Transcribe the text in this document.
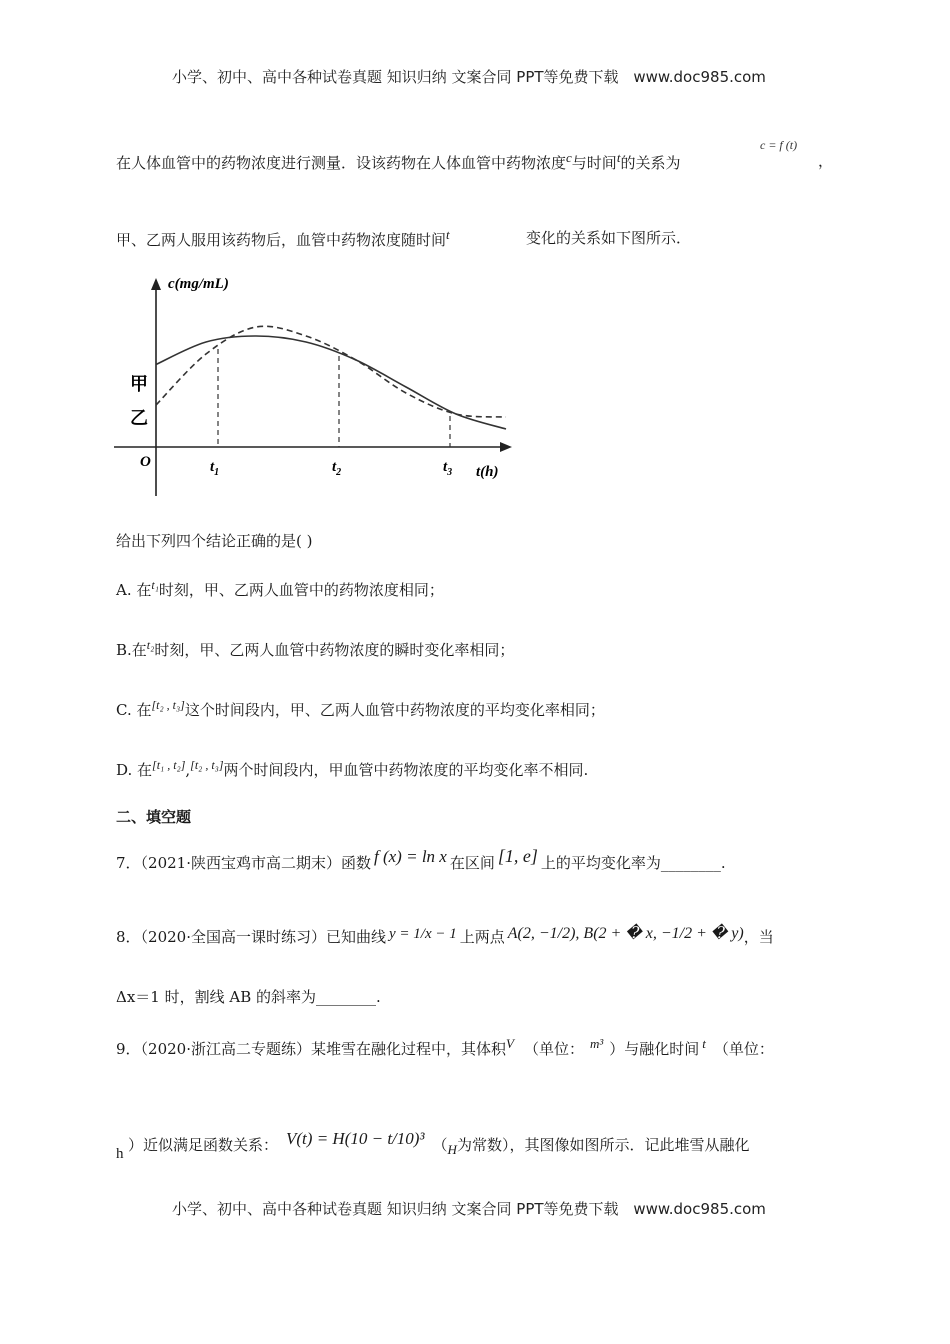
小学、初中、高中各种试卷真题 知识归纳 文案合同 PPT等免费下载 www.doc985.com
在人体血管中的药物浓度进行测量．设该药物在人体血管中药物浓度$^c$与时间$^t$的关系为
c = f (t)
，
甲、乙两人服用该药物后，血管中药物浓度随时间$^t$	变化的关系如下图所示．
c(mg/mL)
t(h)
O
甲
乙
$t_1$	$t_2$	$t_3$
给出下列四个结论正确的是( )
A. 在$^{t_1}$时刻，甲、乙两人血管中的药物浓度相同；
B.在$^{t_2}$时刻，甲、乙两人血管中药物浓度的瞬时变化率相同；
C. 在[t₂ , t₃]这个时间段内，甲、乙两人血管中药物浓度的平均变化率相同；
D. 在[t₁ , t₂],[t₂ , t₃]两个时间段内，甲血管中药物浓度的平均变化率不相同.
二、填空题
7．（2021·陕西宝鸡市高二期末）函数 f (x) = ln x 在区间 [1, e] 上的平均变化率为________.
8．（2020·全国高一课时练习）已知曲线 y = 1/x − 1 上两点 A(2, −1/2), B(2 + � x, −1/2 + � y)，当
Δx＝1 时，割线 AB 的斜率为________.
9．（2020·浙江高二专题练）某堆雪在融化过程中，其体积$^V$ （单位： $^{m^3}$ ）与融化时间 $^t$ （单位：
h ）近似满足函数关系： V(t) = H(10 − t/10)³ （$_H$为常数），其图像如图所示．记此堆雪从融化
小学、初中、高中各种试卷真题 知识归纳 文案合同 PPT等免费下载 www.doc985.com
